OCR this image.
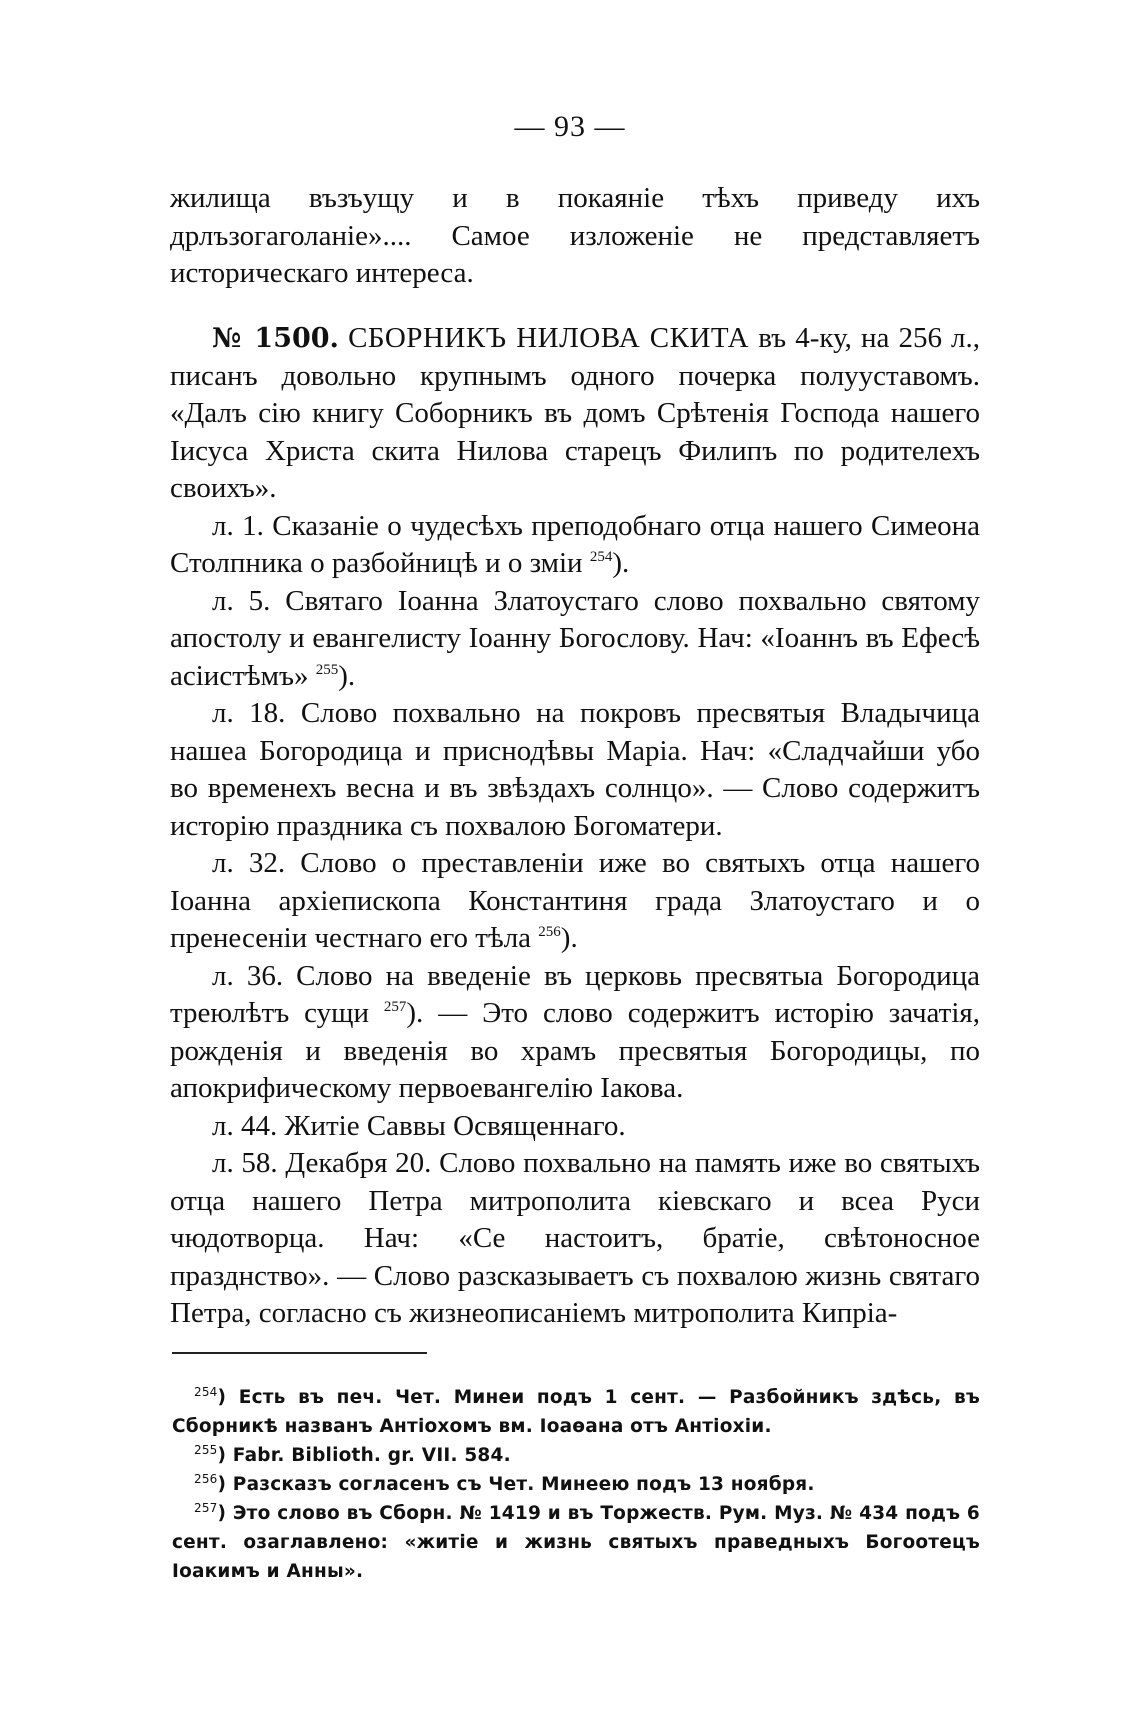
— 93 —

жилища възъущу и в покаяніе тѣхъ приведу ихъ дрлъзогаголаніе».... Самое изложеніе не представляетъ историческаго интереса.

№ 1500. СБОРНИКЪ НИЛОВА СКИТА въ 4-ку, на 256 л., писанъ довольно крупнымъ одного почерка полууставомъ. «Далъ сію книгу Соборникъ въ домъ Срѣтенія Господа нашего Іисуса Христа скита Нилова старецъ Филипъ по родителехъ своихъ».

л. 1. Сказаніе о чудесѣхъ преподобнаго отца нашего Симеона Столпника о разбойницѣ и о зміи $^{254}$).

л. 5. Святаго Іоанна Златоустаго слово похвально святому апостолу и евангелисту Іоанну Богослову. Нач: «Іоаннъ въ Ефесѣ асіистѣмъ» $^{255}$).

л. 18. Слово похвально на покровъ пресвятыя Владычица нашеа Богородица и приснодѣвы Маріа. Нач: «Сладчайши убо во временехъ весна и въ звѣздахъ солнцо». — Слово содержитъ исторію праздника съ похвалою Богоматери.

л. 32. Слово о преставленіи иже во святыхъ отца нашего Іоанна архіепископа Константиня града Златоустаго и о пренесеніи честнаго его тѣла $^{256}$).

л. 36. Слово на введеніе въ церковь пресвятыа Богородица треюлѣтъ сущи $^{257}$). — Это слово содержитъ исторію зачатія, рожденія и введенія во храмъ пресвятыя Богородицы, по апокрифическому первоевангелію Іакова.

л. 44. Житіе Саввы Освященнаго.

л. 58. Декабря 20. Слово похвально на память иже во святыхъ отца нашего Петра митрополита кіевскаго и всеа Руси чюдотворца. Нач: «Се настоитъ, братіе, свѣтоносное празднство». — Слово разсказываетъ съ похвалою жизнь святаго Петра, согласно съ жизнеописаніемъ митрополита Кипріа-

$^{254}$) Есть въ печ. Чет. Минеи подъ 1 сент. — Разбойникъ здѣсь, въ Сборникѣ названъ Антіохомъ вм. Іоаѳана отъ Антіохіи.

$^{255}$) Fabr. Biblioth. gr. VII. 584.

$^{256}$) Разсказъ согласенъ съ Чет. Минеею подъ 13 ноября.

$^{257}$) Это слово въ Сборн. № 1419 и въ Торжеств. Рум. Муз. № 434 подъ 6 сент. озаглавлено: «житіе и жизнь святыхъ праведныхъ Богоотецъ Іоакимъ и Анны».
